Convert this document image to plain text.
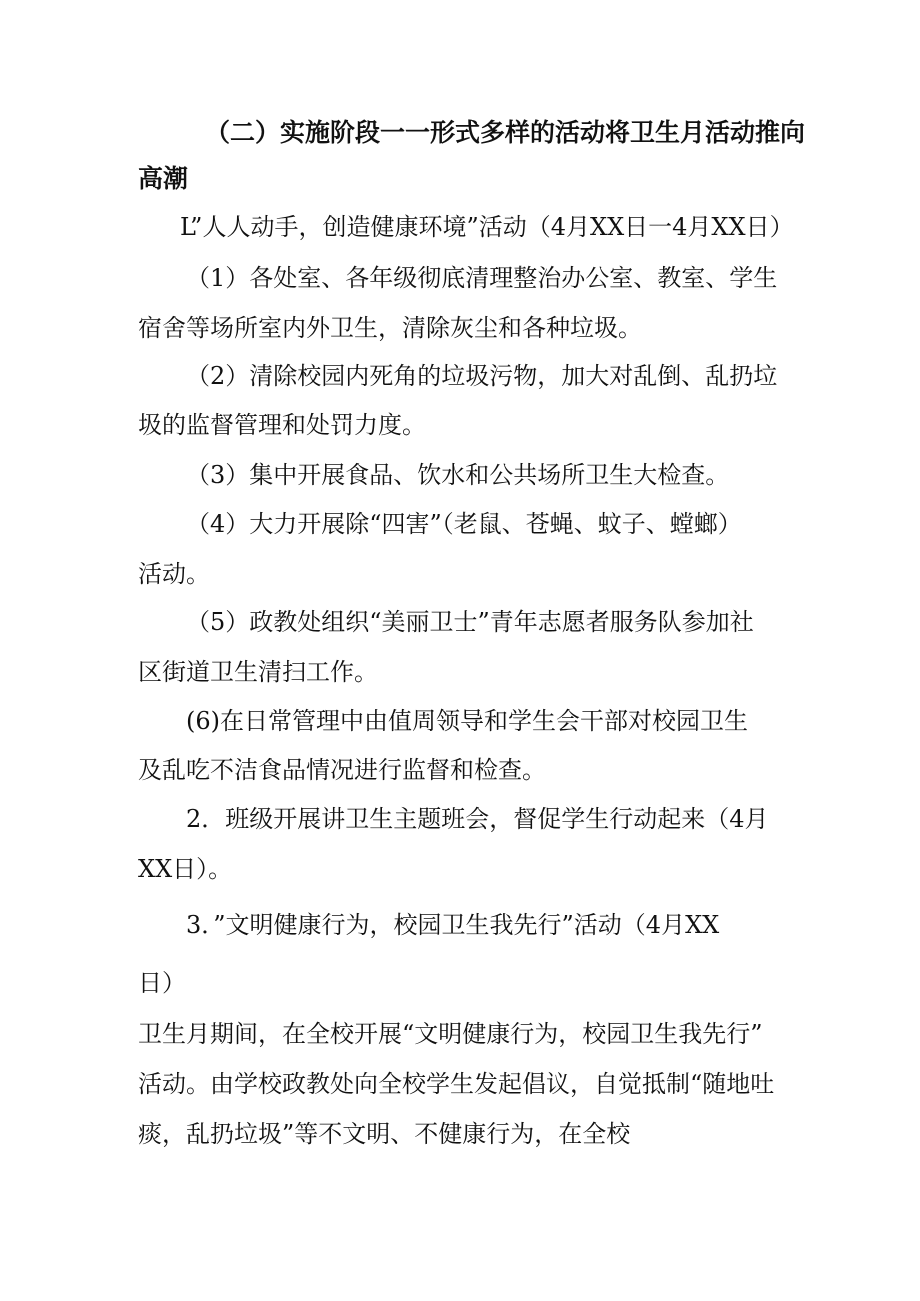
（二）实施阶段一一形式多样的活动将卫生月活动推向
高潮
L”人人动手，创造健康环境”活动（4月XX日一4月XX日）
（1）各处室、各年级彻底清理整治办公室、教室、学生
宿舍等场所室内外卫生，清除灰尘和各种垃圾。
（2）清除校园内死角的垃圾污物，加大对乱倒、乱扔垃
圾的监督管理和处罚力度。
（3）集中开展食品、饮水和公共场所卫生大检查。
（4）大力开展除“四害”（老鼠、苍蝇、蚊子、螳螂）
活动。
（5）政教处组织“美丽卫士”青年志愿者服务队参加社
区街道卫生清扫工作。
(6)在日常管理中由值周领导和学生会干部对校园卫生
及乱吃不洁食品情况进行监督和检查。
2．班级开展讲卫生主题班会，督促学生行动起来（4月
XX日）。
3．”文明健康行为，校园卫生我先行”活动（4月XX
日）
卫生月期间，在全校开展“文明健康行为，校园卫生我先行”
活动。由学校政教处向全校学生发起倡议，自觉抵制“随地吐
痰，乱扔垃圾”等不文明、不健康行为，在全校
